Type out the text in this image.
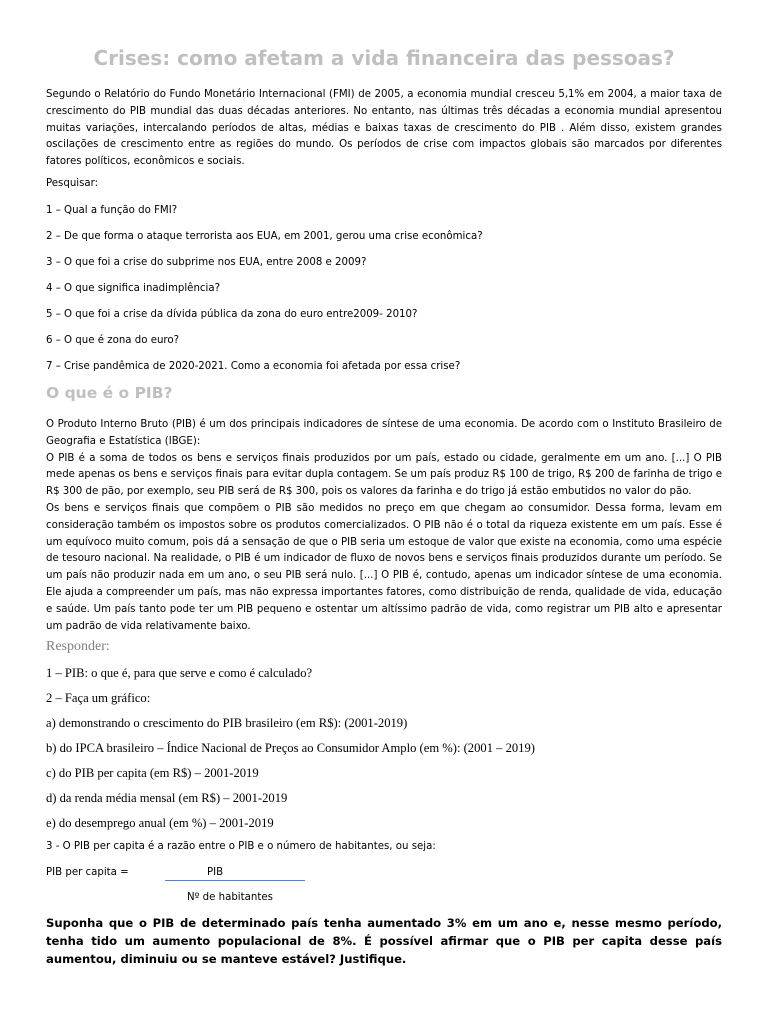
Crises: como afetam a vida financeira das pessoas?

Segundo o Relatório do Fundo Monetário Internacional (FMI) de 2005, a economia mundial cresceu 5,1% em 2004, a maior taxa de crescimento do PIB mundial das duas décadas anteriores. No entanto, nas últimas três décadas a economia mundial apresentou muitas variações, intercalando períodos de altas, médias e baixas taxas de crescimento do PIB . Além disso, existem grandes oscilações de crescimento entre as regiões do mundo. Os períodos de crise com impactos globais são marcados por diferentes fatores políticos, econômicos e sociais.

Pesquisar:

1 – Qual a função do FMI?

2 – De que forma o ataque terrorista aos EUA, em 2001, gerou uma crise econômica?

3 – O que foi a crise do subprime nos EUA, entre 2008 e 2009?

4 – O que significa inadimplência?

5 – O que foi a crise da dívida pública da zona do euro entre2009- 2010?

6 – O que é zona do euro?

7 – Crise pandêmica de 2020-2021. Como a economia foi afetada por essa crise?

O que é o PIB?

O Produto Interno Bruto (PIB) é um dos principais indicadores de síntese de uma economia. De acordo com o Instituto Brasileiro de Geografia e Estatística (IBGE):

O PIB é a soma de todos os bens e serviços finais produzidos por um país, estado ou cidade, geralmente em um ano. [...] O PIB mede apenas os bens e serviços finais para evitar dupla contagem. Se um país produz R$ 100 de trigo, R$ 200 de farinha de trigo e R$ 300 de pão, por exemplo, seu PIB será de R$ 300, pois os valores da farinha e do trigo já estão embutidos no valor do pão.

Os bens e serviços finais que compõem o PIB são medidos no preço em que chegam ao consumidor. Dessa forma, levam em consideração também os impostos sobre os produtos comercializados. O PIB não é o total da riqueza existente em um país. Esse é um equívoco muito comum, pois dá a sensação de que o PIB seria um estoque de valor que existe na economia, como uma espécie de tesouro nacional. Na realidade, o PIB é um indicador de fluxo de novos bens e serviços finais produzidos durante um período. Se um país não produzir nada em um ano, o seu PIB será nulo. [...] O PIB é, contudo, apenas um indicador síntese de uma economia. Ele ajuda a compreender um país, mas não expressa importantes fatores, como distribuição de renda, qualidade de vida, educação e saúde. Um país tanto pode ter um PIB pequeno e ostentar um altíssimo padrão de vida, como registrar um PIB alto e apresentar um padrão de vida relativamente baixo.

Responder:

1 – PIB: o que é, para que serve e como é calculado?

2 – Faça um gráfico:

a) demonstrando o crescimento do PIB brasileiro (em R$): (2001-2019)

b) do IPCA brasileiro – Índice Nacional de Preços ao Consumidor Amplo (em %): (2001 – 2019)

c) do PIB per capita (em R$) – 2001-2019

d) da renda média mensal (em R$) – 2001-2019

e) do desemprego anual (em %) – 2001-2019

3 - O PIB per capita é a razão entre o PIB e o número de habitantes, ou seja:

PIB per capita =	PIB

Nº de habitantes

Suponha que o PIB de determinado país tenha aumentado 3% em um ano e, nesse mesmo período, tenha tido um aumento populacional de 8%. É possível afirmar que o PIB per capita desse país aumentou, diminuiu ou se manteve estável? Justifique.
